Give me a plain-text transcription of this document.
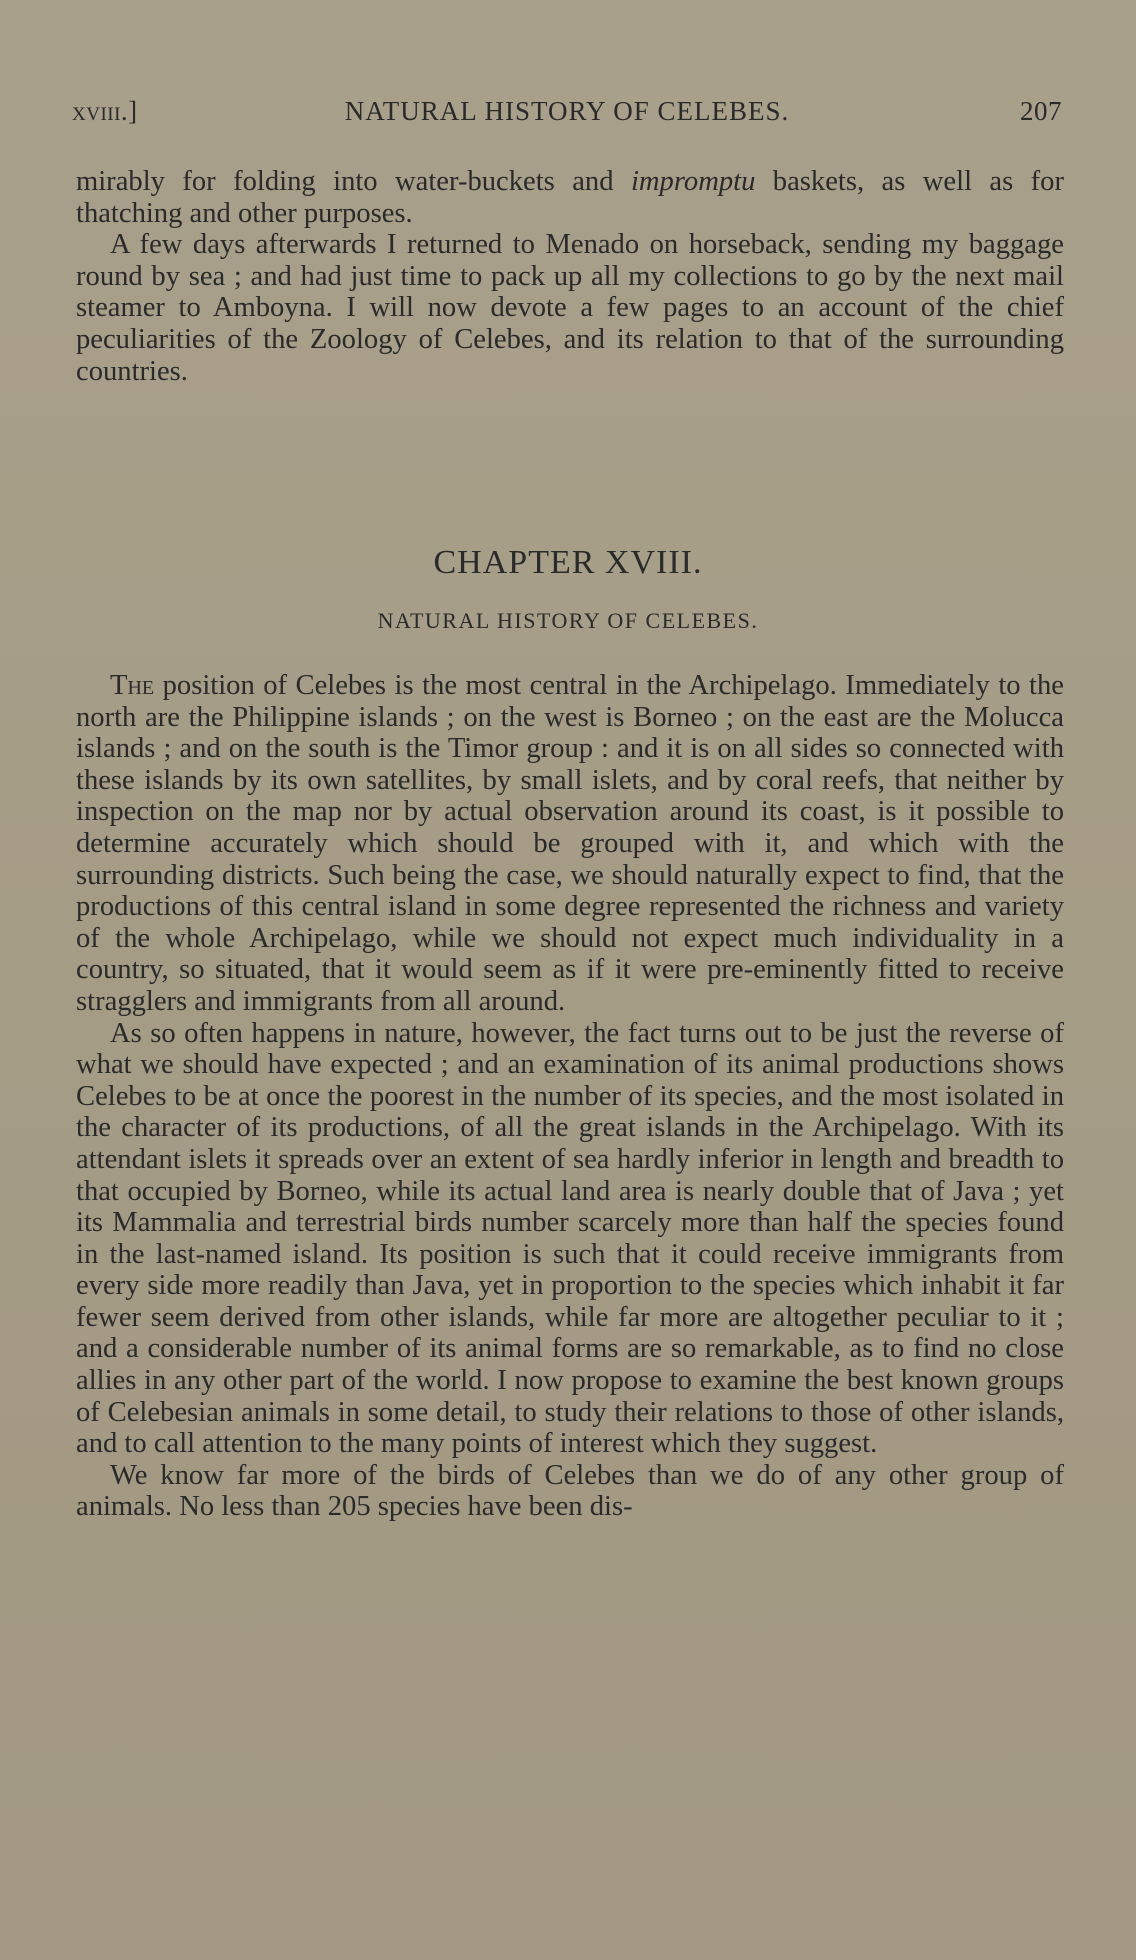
xviii.]	NATURAL HISTORY OF CELEBES.	207

mirably for folding into water-buckets and impromptu baskets, as well as for thatching and other purposes.

A few days afterwards I returned to Menado on horseback, sending my baggage round by sea ; and had just time to pack up all my collections to go by the next mail steamer to Amboyna. I will now devote a few pages to an account of the chief peculiarities of the Zoology of Celebes, and its relation to that of the surrounding countries.

CHAPTER XVIII.
NATURAL HISTORY OF CELEBES.

The position of Celebes is the most central in the Archipelago. Immediately to the north are the Philippine islands ; on the west is Borneo ; on the east are the Molucca islands ; and on the south is the Timor group : and it is on all sides so connected with these islands by its own satellites, by small islets, and by coral reefs, that neither by inspection on the map nor by actual observation around its coast, is it possible to determine accurately which should be grouped with it, and which with the surrounding districts. Such being the case, we should naturally expect to find, that the productions of this central island in some degree represented the richness and variety of the whole Archipelago, while we should not expect much individuality in a country, so situated, that it would seem as if it were pre-eminently fitted to receive stragglers and immigrants from all around.

As so often happens in nature, however, the fact turns out to be just the reverse of what we should have expected ; and an examination of its animal productions shows Celebes to be at once the poorest in the number of its species, and the most isolated in the character of its productions, of all the great islands in the Archipelago. With its attendant islets it spreads over an extent of sea hardly inferior in length and breadth to that occupied by Borneo, while its actual land area is nearly double that of Java ; yet its Mammalia and terrestrial birds number scarcely more than half the species found in the last-named island. Its position is such that it could receive immigrants from every side more readily than Java, yet in proportion to the species which inhabit it far fewer seem derived from other islands, while far more are altogether peculiar to it ; and a considerable number of its animal forms are so remarkable, as to find no close allies in any other part of the world. I now propose to examine the best known groups of Celebesian animals in some detail, to study their relations to those of other islands, and to call attention to the many points of interest which they suggest.

We know far more of the birds of Celebes than we do of any other group of animals. No less than 205 species have been dis-
